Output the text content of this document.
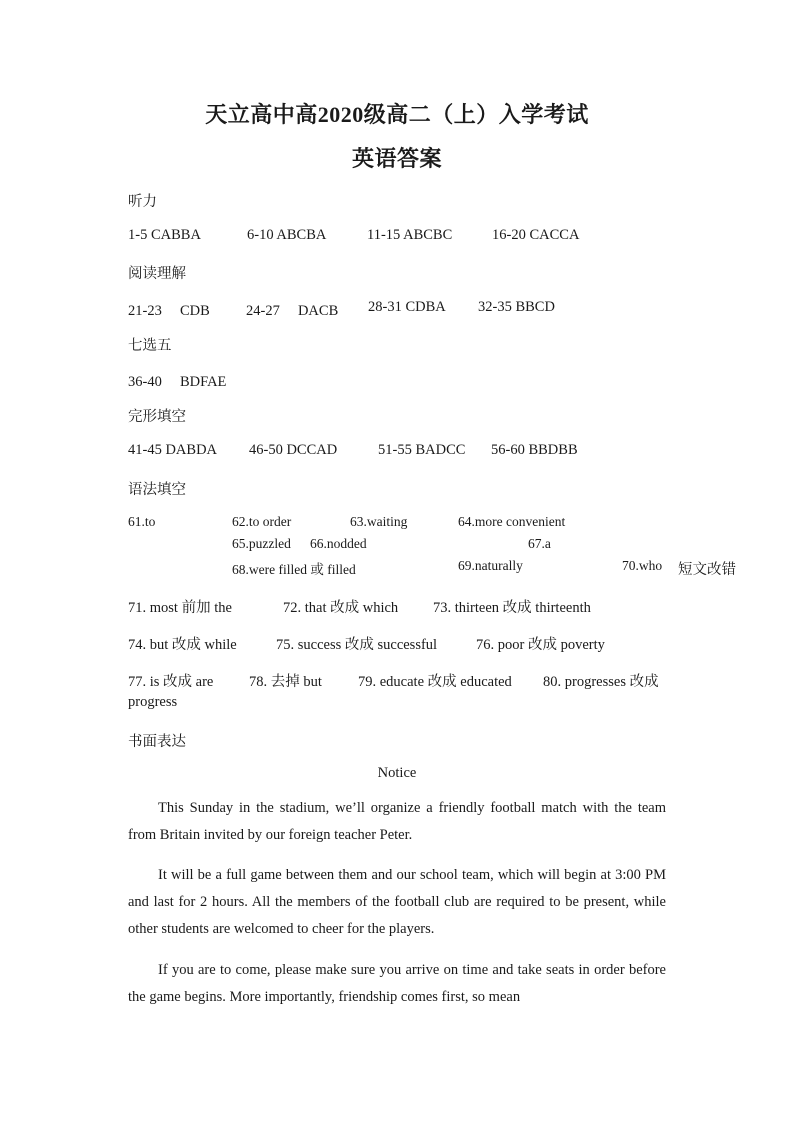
天立高中高2020级高二（上）入学考试
英语答案
听力
1-5 CABBA	6-10 ABCBA	11-15 ABCBC	16-20 CACCA
阅读理解
21-23　 CDB 24-27　 DACB 28-31 CDBA 32-35 BBCD
七选五
36-40　 BDFAE
完形填空
41-45 DABDA 46-50 DCCAD	51-55 BADCC 56-60 BBDBB
语法填空
61.to	62.to order	63.waiting	64.more convenient
65.puzzled 66.nodded	67.a
68.were filled 或 filled	69.naturally	70.who 短文改错
71. most 前加 the	72. that 改成 which 73. thirteen 改成 thirteenth
74. but 改成 while	75. success 改成 successful	76. poor 改成 poverty
77. is 改成 are 78. 去掉 but 79. educate 改成 educated 80. progresses 改成
progress
书面表达
Notice
This Sunday in the stadium, we’ll organize a friendly football match with the team from Britain invited by our foreign teacher Peter.
It will be a full game between them and our school team, which will begin at 3:00 PM and last for 2 hours. All the members of the football club are required to be present, while other students are welcomed to cheer for the players.
If you are to come, please make sure you arrive on time and take seats in order before the game begins. More importantly, friendship comes first, so mean
